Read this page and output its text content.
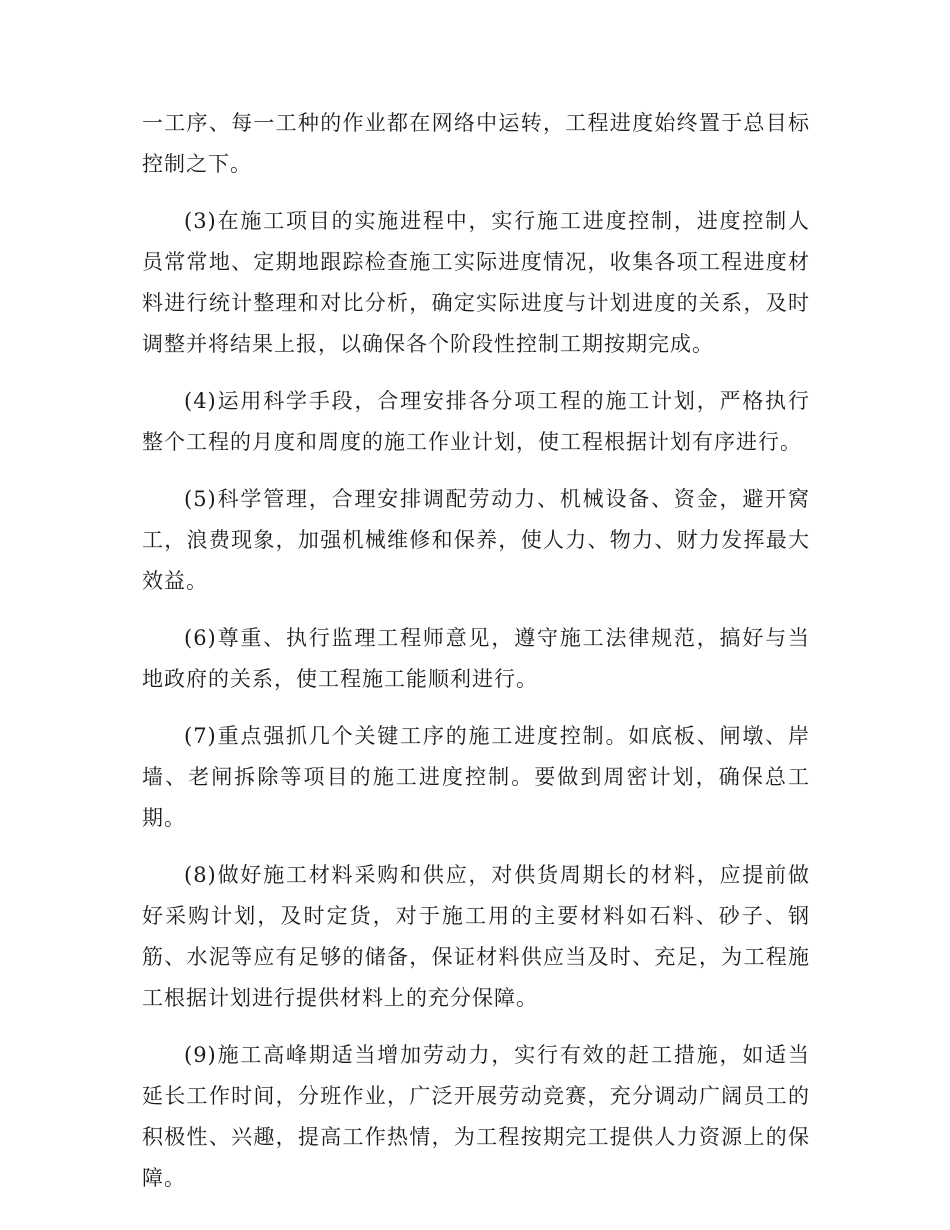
一工序、每一工种的作业都在网络中运转，工程进度始终置于总目标控制之下。

(3)在施工项目的实施进程中，实行施工进度控制，进度控制人员常常地、定期地跟踪检查施工实际进度情况，收集各项工程进度材料进行统计整理和对比分析，确定实际进度与计划进度的关系，及时调整并将结果上报，以确保各个阶段性控制工期按期完成。

(4)运用科学手段，合理安排各分项工程的施工计划，严格执行整个工程的月度和周度的施工作业计划，使工程根据计划有序进行。

(5)科学管理，合理安排调配劳动力、机械设备、资金，避开窝工，浪费现象，加强机械维修和保养，使人力、物力、财力发挥最大效益。

(6)尊重、执行监理工程师意见，遵守施工法律规范，搞好与当地政府的关系，使工程施工能顺利进行。

(7)重点强抓几个关键工序的施工进度控制。如底板、闸墩、岸墙、老闸拆除等项目的施工进度控制。要做到周密计划，确保总工期。

(8)做好施工材料采购和供应，对供货周期长的材料，应提前做好采购计划，及时定货，对于施工用的主要材料如石料、砂子、钢筋、水泥等应有足够的储备，保证材料供应当及时、充足，为工程施工根据计划进行提供材料上的充分保障。

(9)施工高峰期适当增加劳动力，实行有效的赶工措施，如适当延长工作时间，分班作业，广泛开展劳动竞赛，充分调动广阔员工的积极性、兴趣，提高工作热情，为工程按期完工提供人力资源上的保障。
